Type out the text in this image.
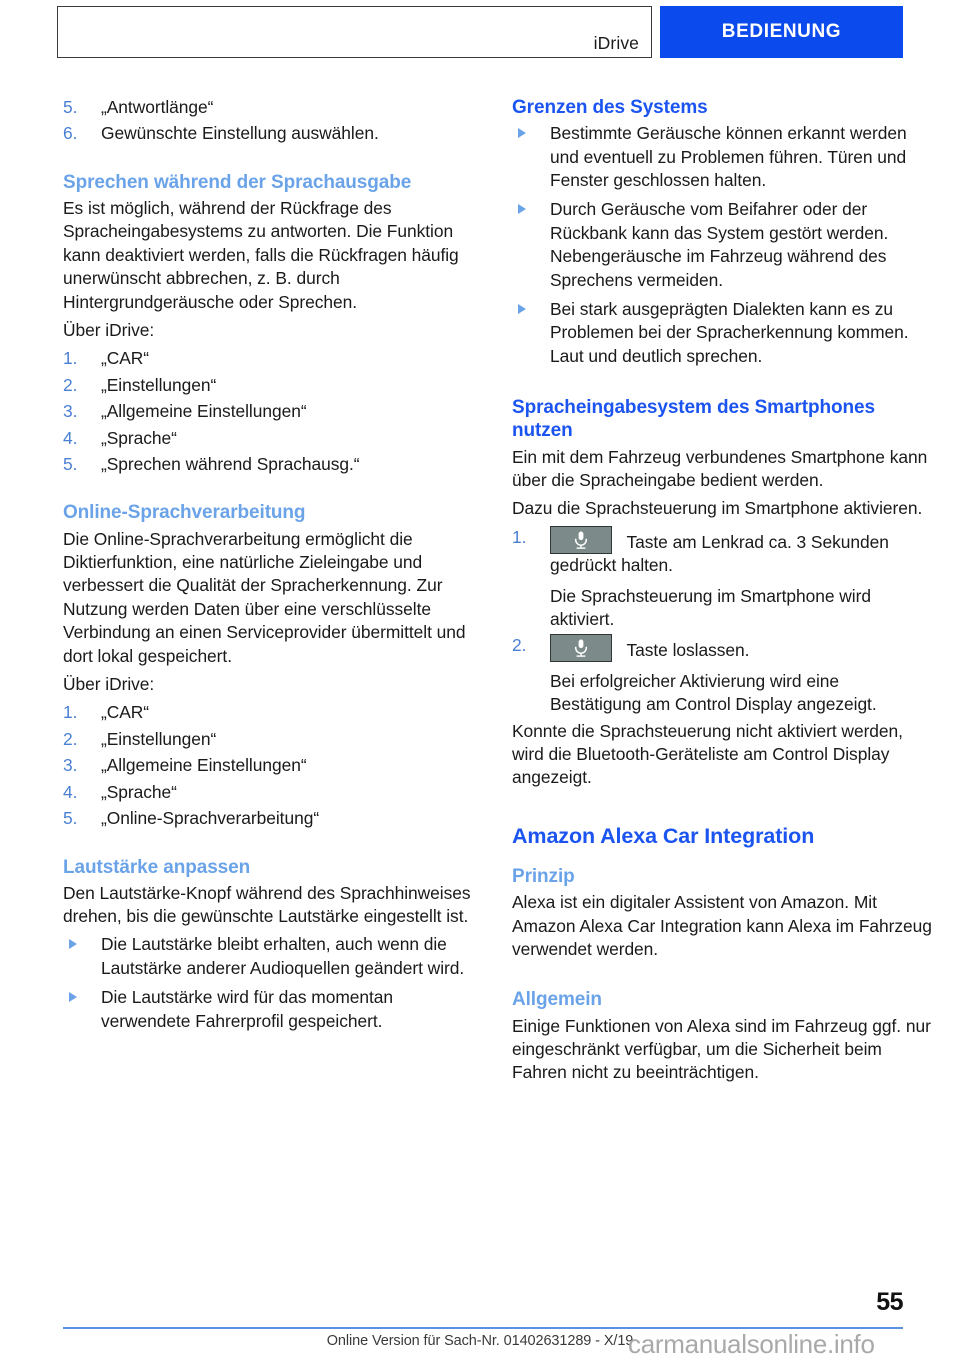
iDrive
BEDIENUNG
5.	„Antwortlänge“
6.	Gewünschte Einstellung auswählen.
Sprechen während der Sprachausgabe

Es ist möglich, während der Rückfrage des Spracheingabesystems zu antworten. Die Funktion kann deaktiviert werden, falls die Rückfragen häufig unerwünscht abbrechen, z. B. durch Hintergrundgeräusche oder Sprechen.

Über iDrive:

1.	„CAR“
2.	„Einstellungen“
3.	„Allgemeine Einstellungen“
4.	„Sprache“
5.	„Sprechen während Sprachausg.“
Online-Sprachverarbeitung

Die Online-Sprachverarbeitung ermöglicht die Diktierfunktion, eine natürliche Zieleingabe und verbessert die Qualität der Spracherkennung. Zur Nutzung werden Daten über eine verschlüsselte Verbindung an einen Serviceprovider übermittelt und dort lokal gespeichert.

Über iDrive:

1.	„CAR“
2.	„Einstellungen“
3.	„Allgemeine Einstellungen“
4.	„Sprache“
5.	„Online-Sprachverarbeitung“
Lautstärke anpassen

Den Lautstärke-Knopf während des Sprachhinweises drehen, bis die gewünschte Lautstärke eingestellt ist.

Die Lautstärke bleibt erhalten, auch wenn die Lautstärke anderer Audioquellen geändert wird.
Die Lautstärke wird für das momentan verwendete Fahrerprofil gespeichert.
Grenzen des Systems
Bestimmte Geräusche können erkannt werden und eventuell zu Problemen führen. Türen und Fenster geschlossen halten.
Durch Geräusche vom Beifahrer oder der Rückbank kann das System gestört werden. Nebengeräusche im Fahrzeug während des Sprechens vermeiden.
Bei stark ausgeprägten Dialekten kann es zu Problemen bei der Spracherkennung kommen. Laut und deutlich sprechen.
Spracheingabesystem des Smartphones nutzen

Ein mit dem Fahrzeug verbundenes Smartphone kann über die Spracheingabe bedient werden.

Dazu die Sprachsteuerung im Smartphone aktivieren.

1.	Taste am Lenkrad ca. 3 Sekunden gedrückt halten.
Die Sprachsteuerung im Smartphone wird aktiviert.
2.	Taste loslassen.
Bei erfolgreicher Aktivierung wird eine Bestätigung am Control Display angezeigt.

Konnte die Sprachsteuerung nicht aktiviert werden, wird die Bluetooth-Geräteliste am Control Display angezeigt.

Amazon Alexa Car Integration
Prinzip

Alexa ist ein digitaler Assistent von Amazon. Mit Amazon Alexa Car Integration kann Alexa im Fahrzeug verwendet werden.

Allgemein

Einige Funktionen von Alexa sind im Fahrzeug ggf. nur eingeschränkt verfügbar, um die Sicherheit beim Fahren nicht zu beeinträchtigen.

55
Online Version für Sach-Nr. 01402631289 - X/19
carmanualsonline.info
